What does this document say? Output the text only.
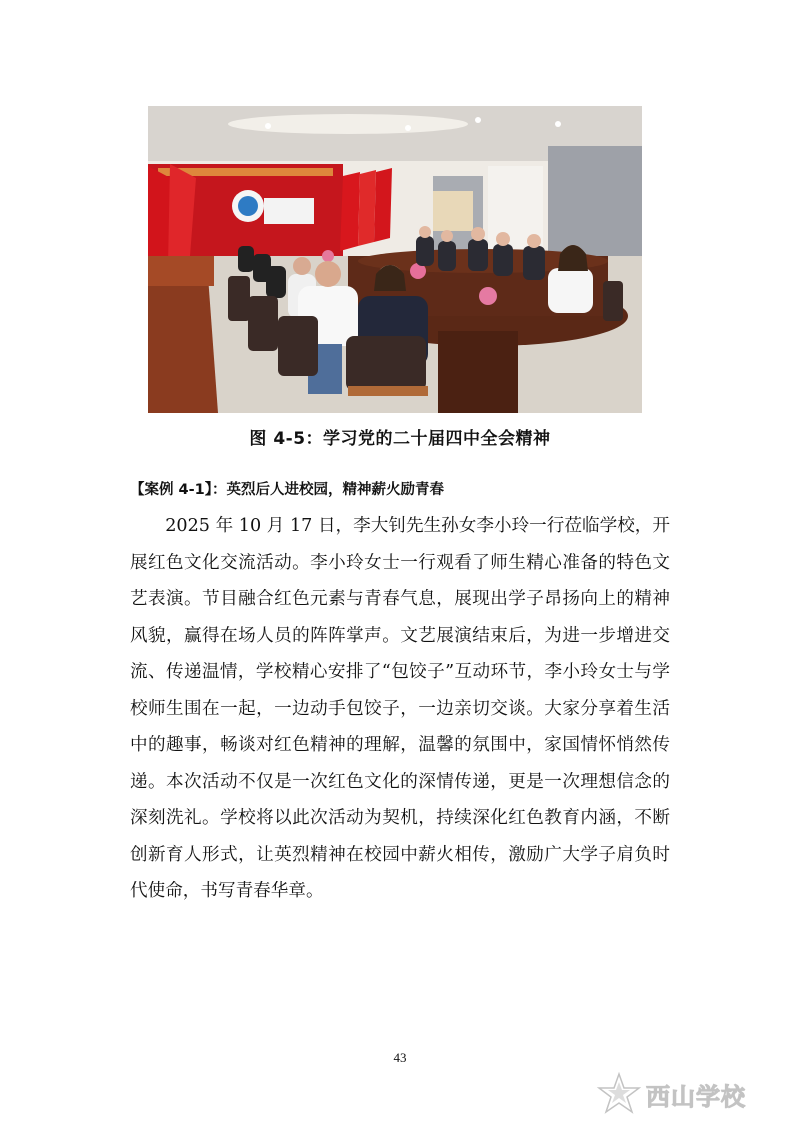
图 4-5：学习党的二十届四中全会精神
【案例 4-1】：英烈后人进校园，精神薪火励青春

2025 年 10 月 17 日，李大钊先生孙女李小玲一行莅临学校，开展红色文化交流活动。李小玲女士一行观看了师生精心准备的特色文艺表演。节目融合红色元素与青春气息，展现出学子昂扬向上的精神风貌，赢得在场人员的阵阵掌声。文艺展演结束后，为进一步增进交流、传递温情，学校精心安排了“包饺子”互动环节，李小玲女士与学校师生围在一起，一边动手包饺子，一边亲切交谈。大家分享着生活中的趣事，畅谈对红色精神的理解，温馨的氛围中，家国情怀悄然传递。本次活动不仅是一次红色文化的深情传递，更是一次理想信念的深刻洗礼。学校将以此次活动为契机，持续深化红色教育内涵，不断创新育人形式，让英烈精神在校园中薪火相传，激励广大学子肩负时代使命，书写青春华章。

43
西山学校
